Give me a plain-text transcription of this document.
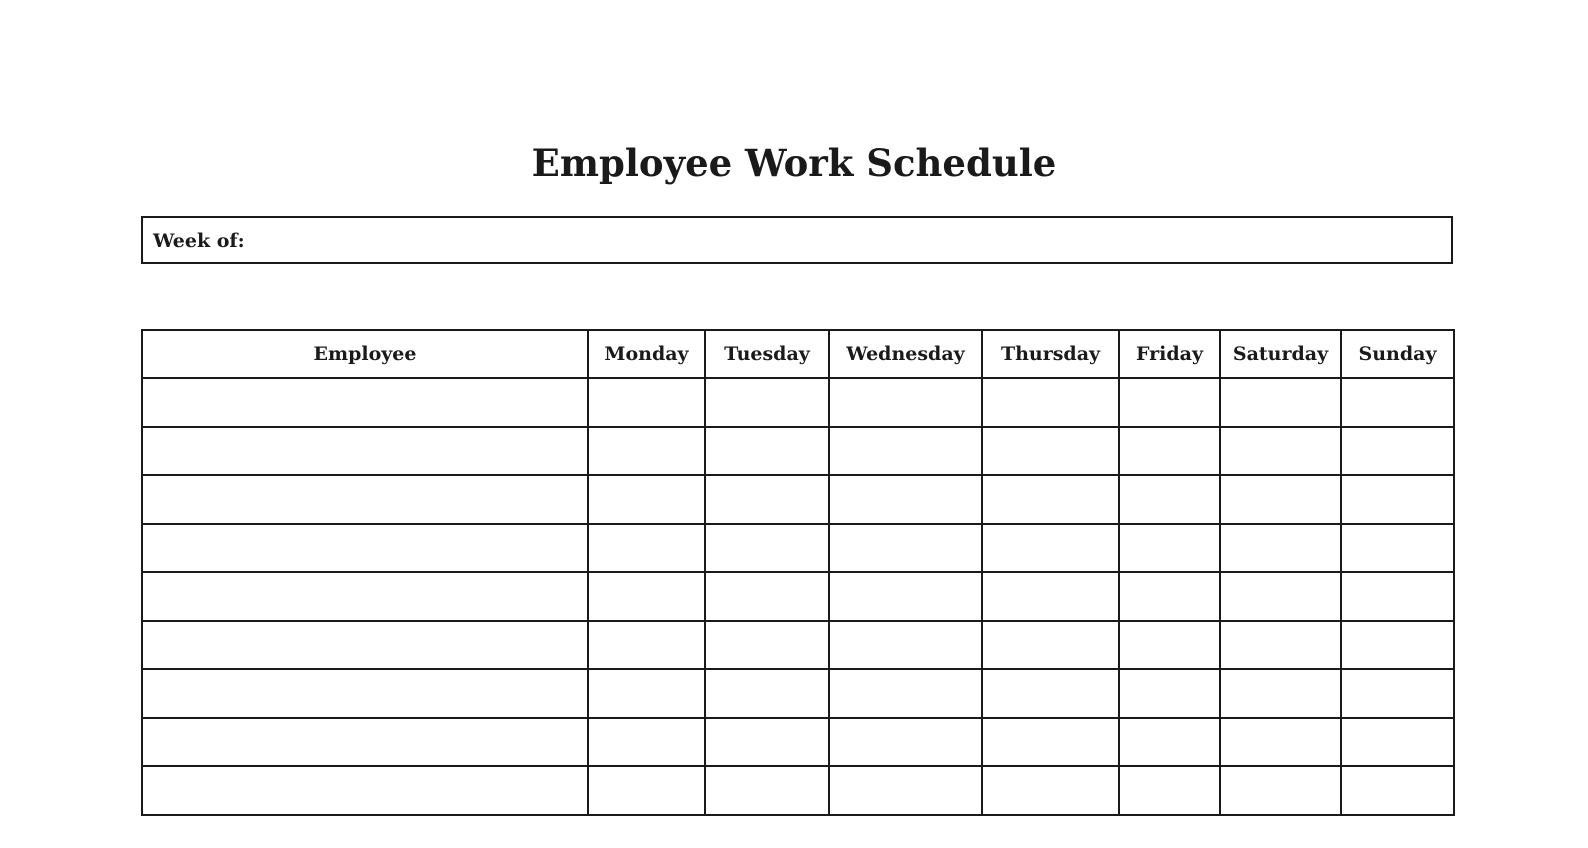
Employee Work Schedule
Week of:
Employee	Monday	Tuesday	Wednesday	Thursday	Friday	Saturday	Sunday
